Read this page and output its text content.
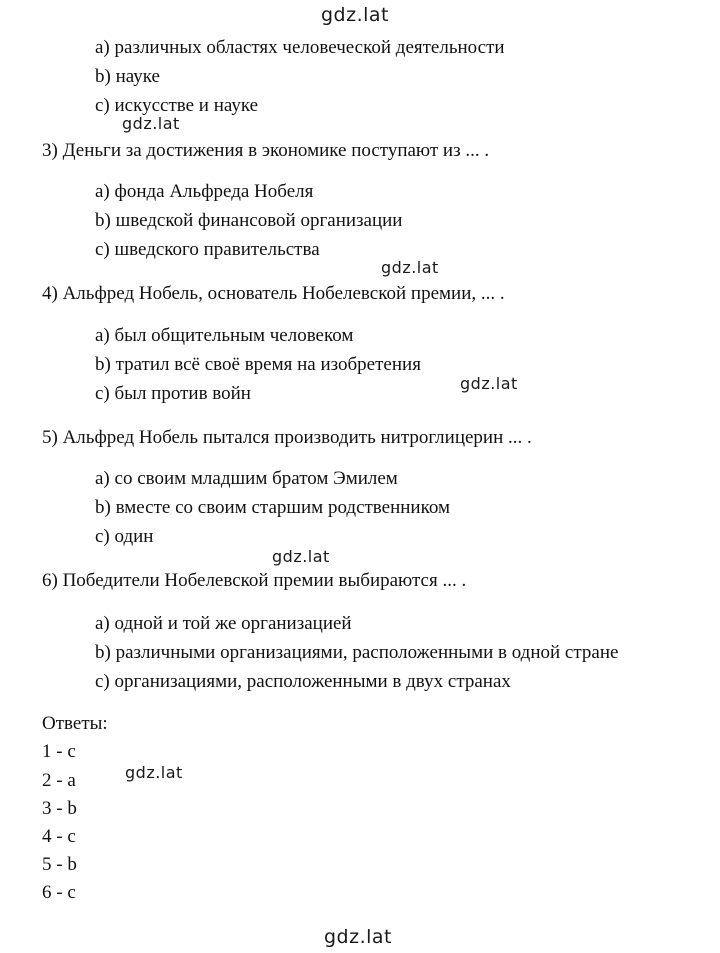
gdz.lat
a) различных областях человеческой деятельности
b) науке
c) искусстве и науке
gdz.lat
3) Деньги за достижения в экономике поступают из ... .
a) фонда Альфреда Нобеля
b) шведской финансовой организации
c) шведского правительства
gdz.lat
4) Альфред Нобель, основатель Нобелевской премии, ... .
a) был общительным человеком
b) тратил всё своё время на изобретения
c) был против войн	gdz.lat
5) Альфред Нобель пытался производить нитроглицерин ... .
a) со своим младшим братом Эмилем
b) вместе со своим старшим родственником
c) один
gdz.lat
6) Победители Нобелевской премии выбираются ... .
a) одной и той же организацией
b) различными организациями, расположенными в одной стране
c) организациями, расположенными в двух странах
Ответы:
1 - c
2 - a	gdz.lat
3 - b
4 - c
5 - b
6 - c
gdz.lat
